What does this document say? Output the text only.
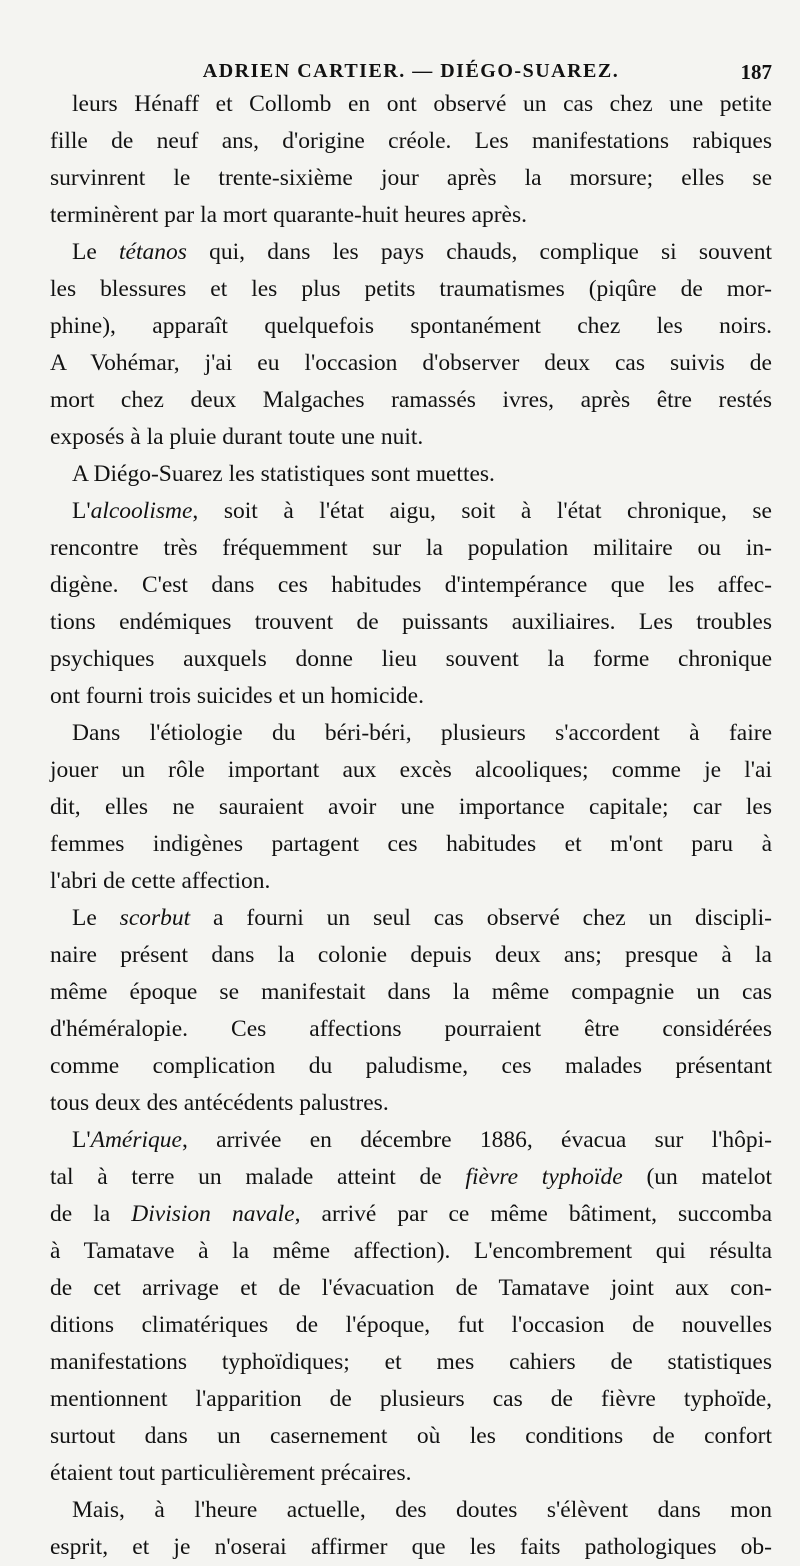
ADRIEN CARTIER. — DIÉGO-SUAREZ.	187
leurs Hénaff et Collomb en ont observé un cas chez une petite
fille de neuf ans, d'origine créole. Les manifestations rabiques
survinrent le trente-sixième jour après la morsure; elles se
terminèrent par la mort quarante-huit heures après.
Le tétanos qui, dans les pays chauds, complique si souvent
les blessures et les plus petits traumatismes (piqûre de mor-
phine), apparaît quelquefois spontanément chez les noirs.
A Vohémar, j'ai eu l'occasion d'observer deux cas suivis de
mort chez deux Malgaches ramassés ivres, après être restés
exposés à la pluie durant toute une nuit.
A Diégo-Suarez les statistiques sont muettes.
L'alcoolisme, soit à l'état aigu, soit à l'état chronique, se
rencontre très fréquemment sur la population militaire ou in-
digène. C'est dans ces habitudes d'intempérance que les affec-
tions endémiques trouvent de puissants auxiliaires. Les troubles
psychiques auxquels donne lieu souvent la forme chronique
ont fourni trois suicides et un homicide.
Dans l'étiologie du béri-béri, plusieurs s'accordent à faire
jouer un rôle important aux excès alcooliques; comme je l'ai
dit, elles ne sauraient avoir une importance capitale; car les
femmes indigènes partagent ces habitudes et m'ont paru à
l'abri de cette affection.
Le scorbut a fourni un seul cas observé chez un discipli-
naire présent dans la colonie depuis deux ans; presque à la
même époque se manifestait dans la même compagnie un cas
d'héméralopie. Ces affections pourraient être considérées
comme complication du paludisme, ces malades présentant
tous deux des antécédents palustres.
L'Amérique, arrivée en décembre 1886, évacua sur l'hôpi-
tal à terre un malade atteint de fièvre typhoïde (un matelot
de la Division navale, arrivé par ce même bâtiment, succomba
à Tamatave à la même affection). L'encombrement qui résulta
de cet arrivage et de l'évacuation de Tamatave joint aux con-
ditions climatériques de l'époque, fut l'occasion de nouvelles
manifestations typhoïdiques; et mes cahiers de statistiques
mentionnent l'apparition de plusieurs cas de fièvre typhoïde,
surtout dans un casernement où les conditions de confort
étaient tout particulièrement précaires.
Mais, à l'heure actuelle, des doutes s'élèvent dans mon
esprit, et je n'oserai affirmer que les faits pathologiques ob-
